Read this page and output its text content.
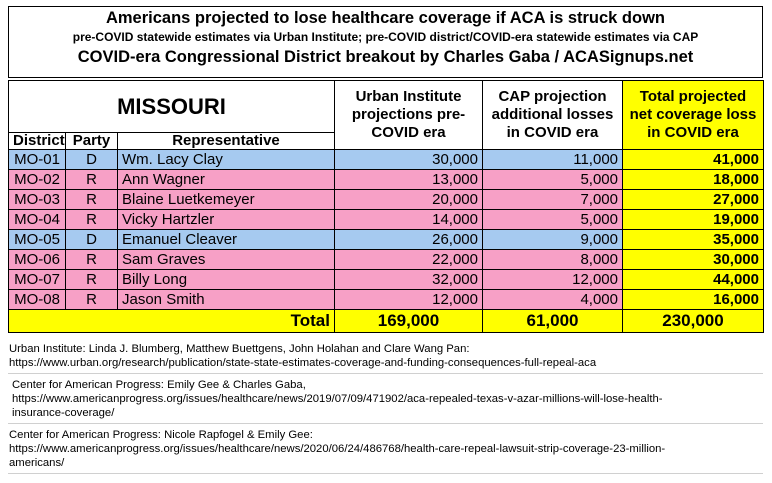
Americans projected to lose healthcare coverage if ACA is struck down
pre-COVID statewide estimates via Urban Institute; pre-COVID district/COVID-era statewide estimates via CAP
COVID-era Congressional District breakout by Charles Gaba / ACASignups.net
MISSOURI			Urban Institute projections pre-COVID era	CAP projection additional losses in COVID era	Total projected net coverage loss in COVID era
District	Party	Representative			
MO-01	D	Wm. Lacy Clay	30,000	11,000	41,000
MO-02	R	Ann Wagner	13,000	5,000	18,000
MO-03	R	Blaine Luetkemeyer	20,000	7,000	27,000
MO-04	R	Vicky Hartzler	14,000	5,000	19,000
MO-05	D	Emanuel Cleaver	26,000	9,000	35,000
MO-06	R	Sam Graves	22,000	8,000	30,000
MO-07	R	Billy Long	32,000	12,000	44,000
MO-08	R	Jason Smith	12,000	4,000	16,000
Total			169,000	61,000	230,000
Urban Institute: Linda J. Blumberg, Matthew Buettgens, John Holahan and Clare Wang Pan:
https://www.urban.org/research/publication/state-state-estimates-coverage-and-funding-consequences-full-repeal-aca
Center for American Progress: Emily Gee & Charles Gaba,
https://www.americanprogress.org/issues/healthcare/news/2019/07/09/471902/aca-repealed-texas-v-azar-millions-will-lose-health-
insurance-coverage/
Center for American Progress: Nicole Rapfogel & Emily Gee:
https://www.americanprogress.org/issues/healthcare/news/2020/06/24/486768/health-care-repeal-lawsuit-strip-coverage-23-million-
americans/
